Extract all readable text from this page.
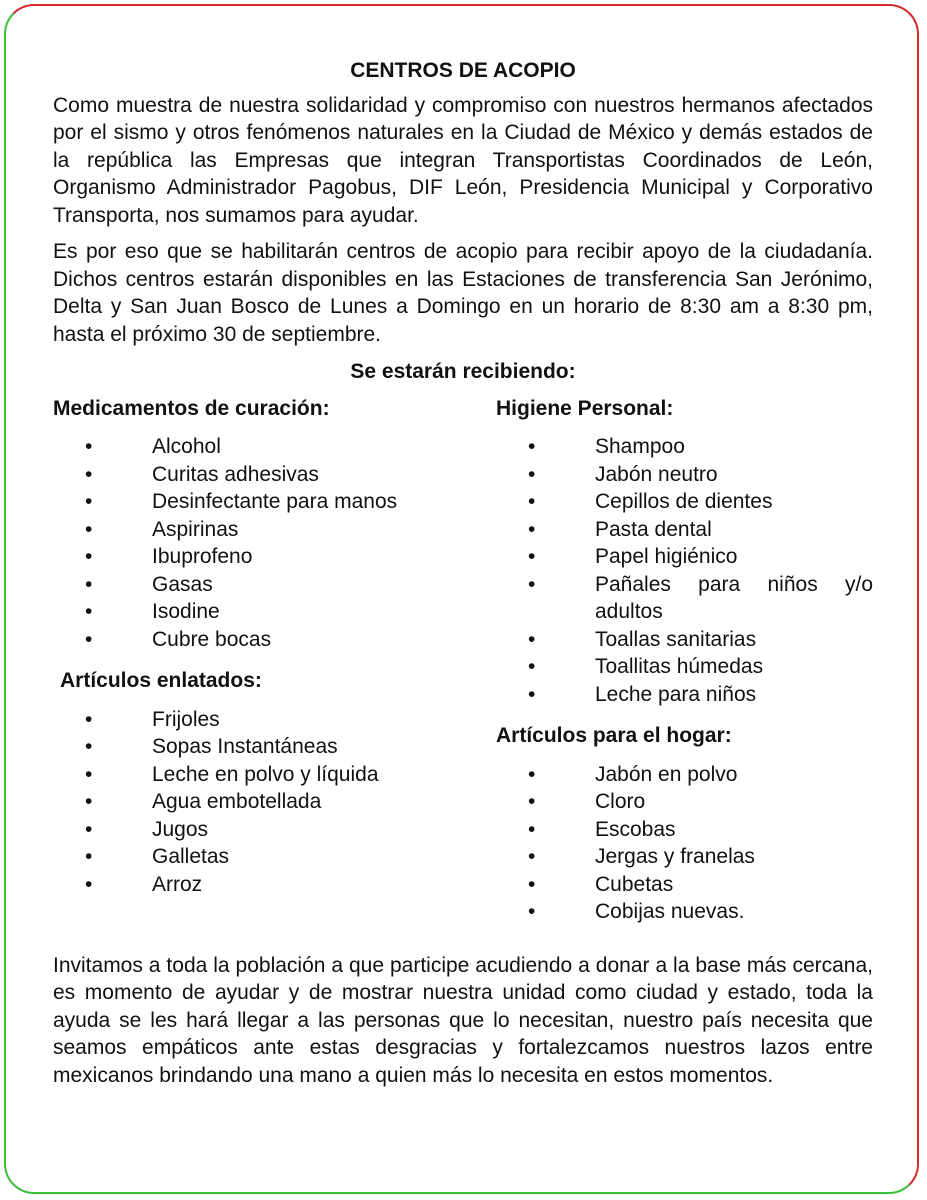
CENTROS DE ACOPIO

Como muestra de nuestra solidaridad y compromiso con nuestros hermanos afectados por el sismo y otros fenómenos naturales en la Ciudad de México y demás estados de la república las Empresas que integran Transportistas Coordinados de León, Organismo Administrador Pagobus, DIF León, Presidencia Municipal y Corporativo Transporta, nos sumamos para ayudar.

Es por eso que se habilitarán centros de acopio para recibir apoyo de la ciudadanía. Dichos centros estarán disponibles en las Estaciones de transferencia San Jerónimo, Delta y San Juan Bosco de Lunes a Domingo en un horario de 8:30 am a 8:30 pm, hasta el próximo 30 de septiembre.

Se estarán recibiendo:
Medicamentos de curación:
•	Alcohol
•	Curitas adhesivas
•	Desinfectante para manos
•	Aspirinas
•	Ibuprofeno
•	Gasas
•	Isodine
•	Cubre bocas
Artículos enlatados:
•	Frijoles
•	Sopas Instantáneas
•	Leche en polvo y líquida
•	Agua embotellada
•	Jugos
•	Galletas
•	Arroz
Higiene Personal:
•	Shampoo
•	Jabón neutro
•	Cepillos de dientes
•	Pasta dental
•	Papel higiénico
•	Pañales para niños y/o adultos
•	Toallas sanitarias
•	Toallitas húmedas
•	Leche para niños
Artículos para el hogar:
•	Jabón en polvo
•	Cloro
•	Escobas
•	Jergas y franelas
•	Cubetas
•	Cobijas nuevas.

Invitamos a toda la población a que participe acudiendo a donar a la base más cercana, es momento de ayudar y de mostrar nuestra unidad como ciudad y estado, toda la ayuda se les hará llegar a las personas que lo necesitan, nuestro país necesita que seamos empáticos ante estas desgracias y fortalezcamos nuestros lazos entre mexicanos brindando una mano a quien más lo necesita en estos momentos.
